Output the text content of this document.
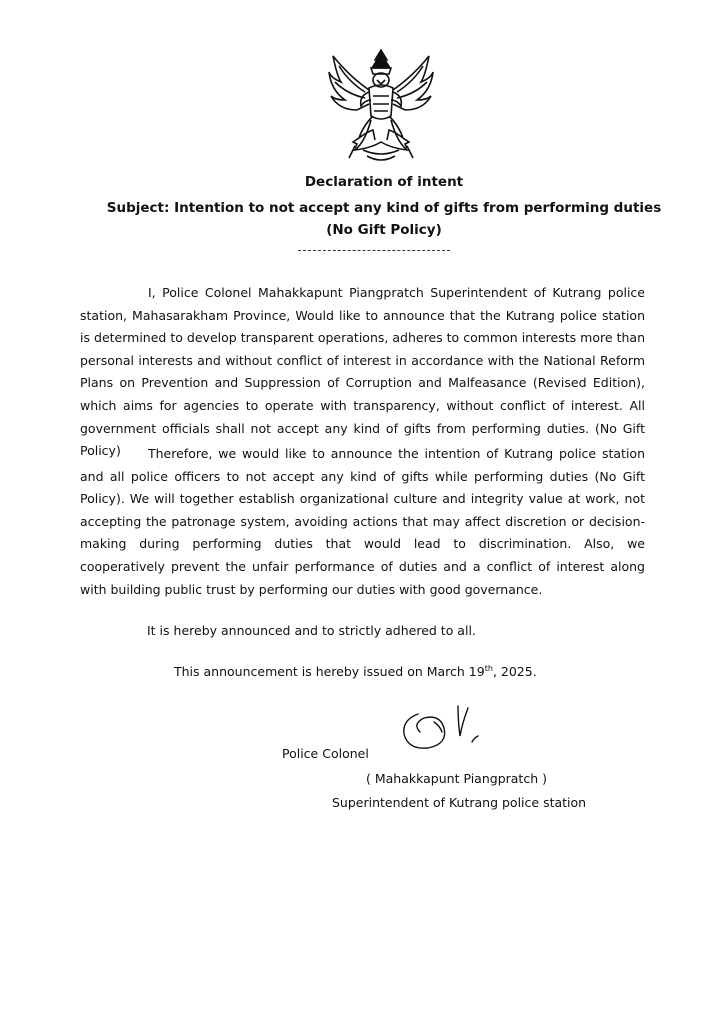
Declaration of intent
Subject: Intention to not accept any kind of gifts from performing duties
(No Gift Policy)

I, Police Colonel Mahakkapunt Piangpratch Superintendent of Kutrang police station, Mahasarakham Province, Would like to announce that the Kutrang police station is determined to develop transparent operations, adheres to common interests more than personal interests and without conflict of interest in accordance with the National Reform Plans on Prevention and Suppression of Corruption and Malfeasance (Revised Edition), which aims for agencies to operate with transparency, without conflict of interest. All government officials shall not accept any kind of gifts from performing duties. (No Gift Policy)	Therefore, we would like to announce the intention of Kutrang police station and all police officers to not accept any kind of gifts while performing duties (No Gift Policy). We will together establish organizational culture and integrity value at work, not accepting the patronage system, avoiding actions that may affect discretion or decision-making during performing duties that would lead to discrimination. Also, we cooperatively prevent the unfair performance of duties and a conflict of interest along with building public trust by performing our duties with good governance.

It is hereby announced and to strictly adhered to all.
This announcement is hereby issued on March 19th, 2025.
Police Colonel
( Mahakkapunt Piangpratch )
Superintendent of Kutrang police station
